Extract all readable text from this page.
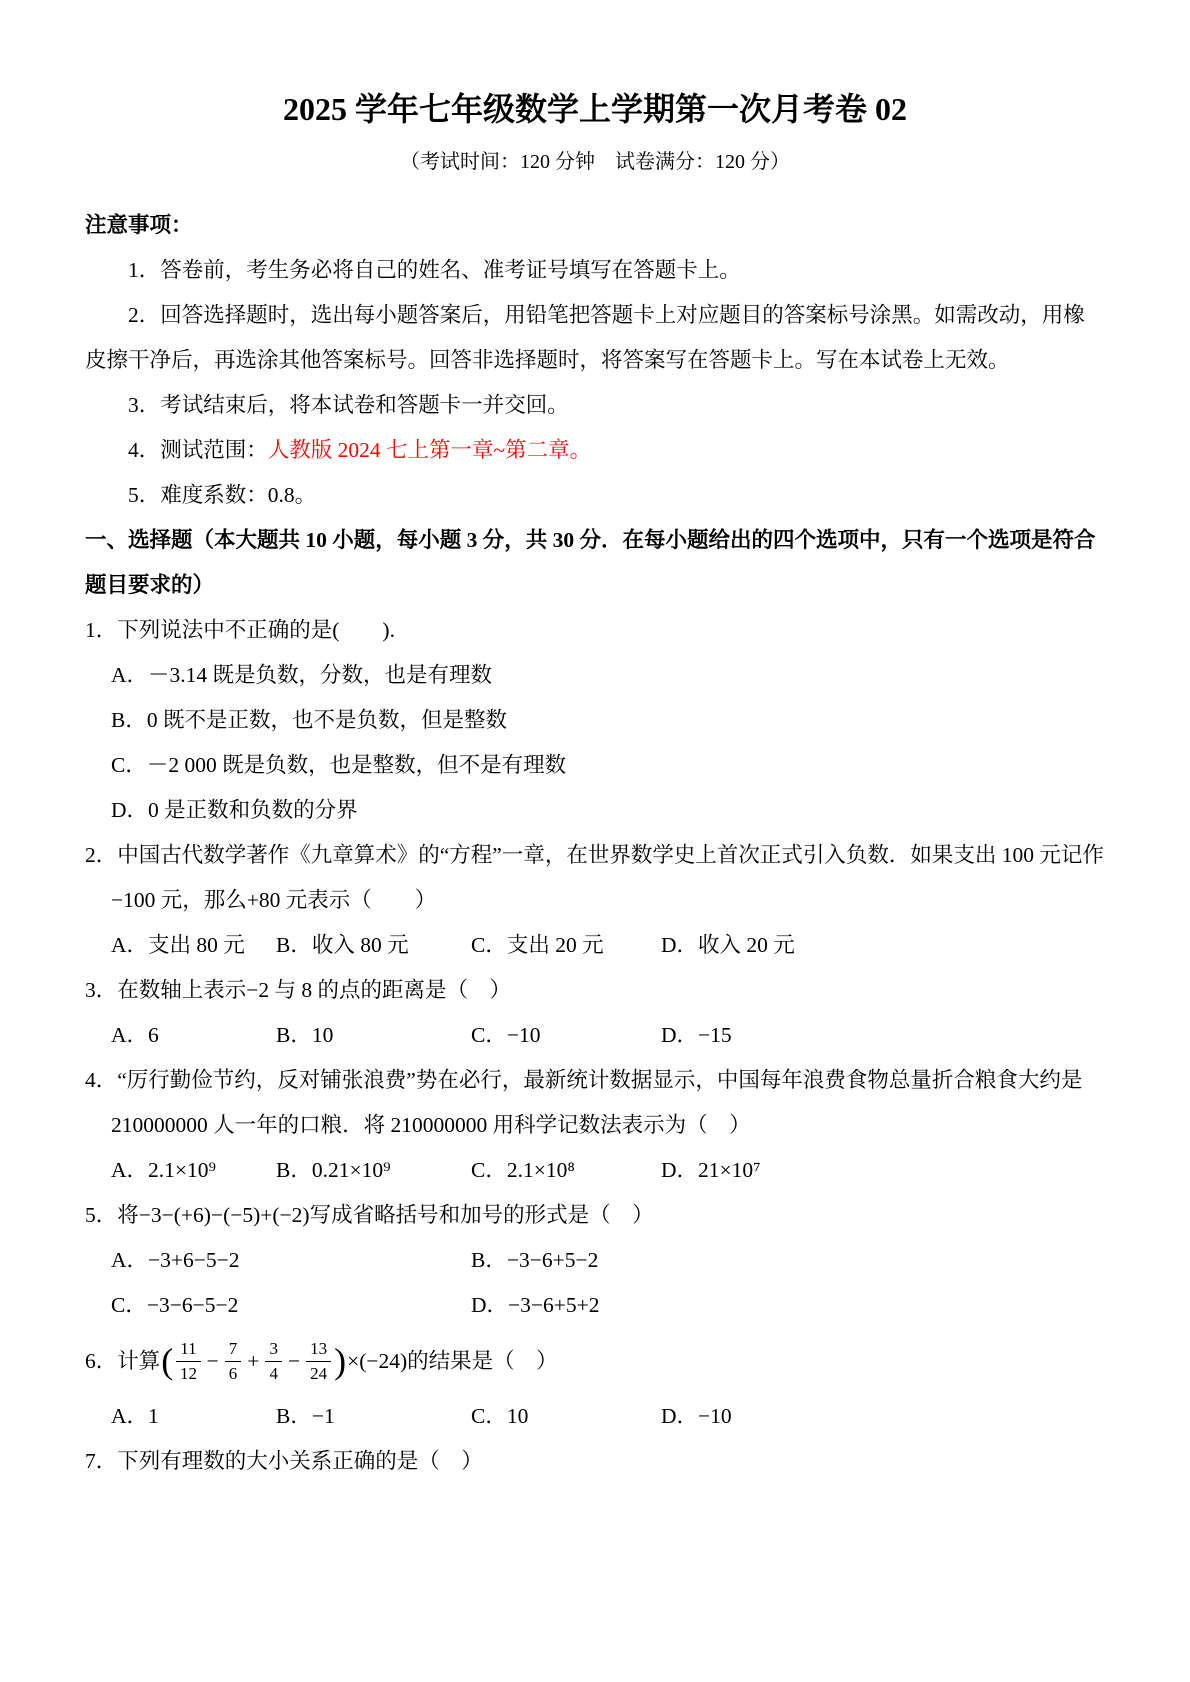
2025 学年七年级数学上学期第一次月考卷 02

（考试时间：120 分钟　试卷满分：120 分）

注意事项：

1．答卷前，考生务必将自己的姓名、准考证号填写在答题卡上。

2．回答选择题时，选出每小题答案后，用铅笔把答题卡上对应题目的答案标号涂黑。如需改动，用橡皮擦干净后，再选涂其他答案标号。回答非选择题时，将答案写在答题卡上。写在本试卷上无效。

3．考试结束后，将本试卷和答题卡一并交回。

4．测试范围：人教版 2024 七上第一章~第二章。

5．难度系数：0.8。

一、选择题（本大题共 10 小题，每小题 3 分，共 30 分．在每小题给出的四个选项中，只有一个选项是符合题目要求的）

1．下列说法中不正确的是(　　).

A．－3.14 既是负数，分数，也是有理数

B．0 既不是正数，也不是负数，但是整数

C．－2 000 既是负数，也是整数，但不是有理数

D．0 是正数和负数的分界

2．中国古代数学著作《九章算术》的“方程”一章，在世界数学史上首次正式引入负数．如果支出 100 元记作−100 元，那么+80 元表示（　　）

A．支出 80 元	B．收入 80 元	C．支出 20 元	D．收入 20 元

3．在数轴上表示−2 与 8 的点的距离是（　）

A．6	B．10	C．−10	D．−15

4．“厉行勤俭节约，反对铺张浪费”势在必行，最新统计数据显示，中国每年浪费食物总量折合粮食大约是 210000000 人一年的口粮．将 210000000 用科学记数法表示为（　）

A．2.1×10⁹	B．0.21×10⁹	C．2.1×10⁸	D．21×10⁷

5．将−3−(+6)−(−5)+(−2)写成省略括号和加号的形式是（　）

A．−3+6−5−2	B．−3−6+5−2
C．−3−6−5−2	D．−3−6+5+2
6． 计算 ( $\frac{11}{12} - \frac{7}{6} + \frac{3}{4} - \frac{13}{24}$ ) ×(−24)的结果是（　）
A．1	B．−1	C．10	D．−10

7．下列有理数的大小关系正确的是（　）
